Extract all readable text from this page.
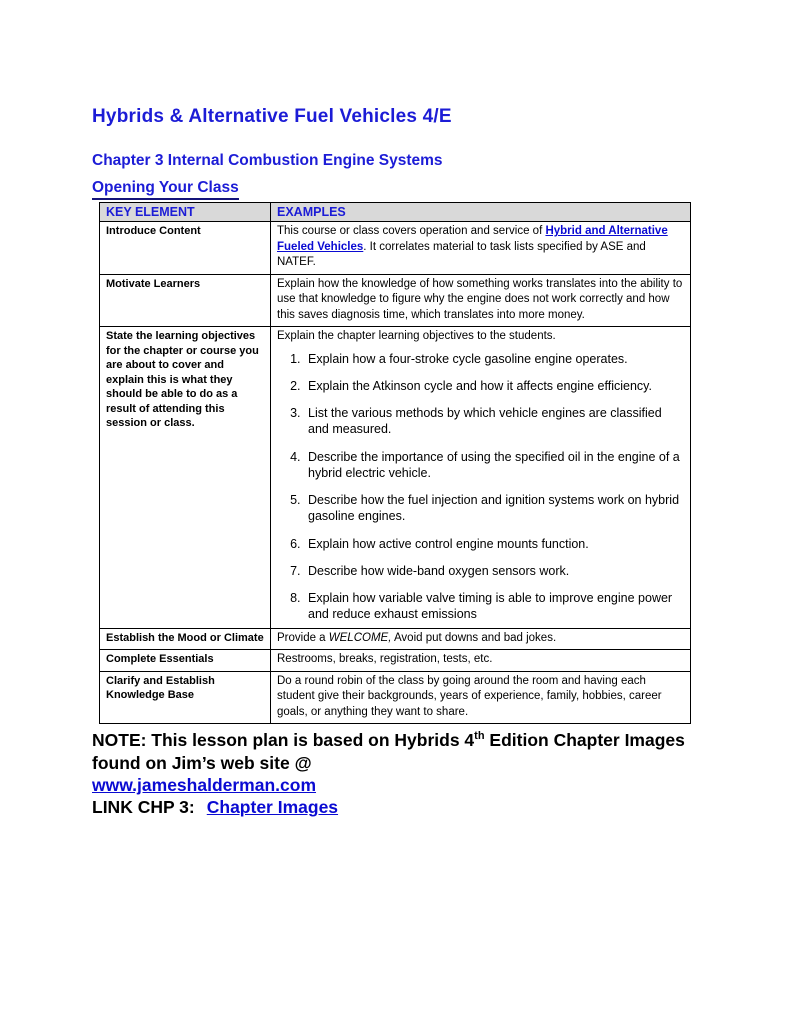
Hybrids & Alternative Fuel Vehicles 4/E
Chapter 3 Internal Combustion Engine Systems
Opening Your Class
KEY ELEMENT	EXAMPLES
Introduce Content	This course or class covers operation and service of Hybrid and Alternative Fueled Vehicles. It correlates material to task lists specified by ASE and NATEF.
Motivate Learners	Explain how the knowledge of how something works translates into the ability to use that knowledge to figure why the engine does not work correctly and how this saves diagnosis time, which translates into more money.
State the learning objectives for the chapter or course you are about to cover and explain this is what they should be able to do as a result of attending this session or class.	Explain the chapter learning objectives to the students.
1. Explain how a four-stroke cycle gasoline engine operates.
2. Explain the Atkinson cycle and how it affects engine efficiency.
3. List the various methods by which vehicle engines are classified and measured.
4. Describe the importance of using the specified oil in the engine of a hybrid electric vehicle.
5. Describe how the fuel injection and ignition systems work on hybrid gasoline engines.
6. Explain how active control engine mounts function.
7. Describe how wide-band oxygen sensors work.
8. Explain how variable valve timing is able to improve engine power and reduce exhaust emissions

Establish the Mood or Climate	Provide a WELCOME, Avoid put downs and bad jokes.
Complete Essentials	Restrooms, breaks, registration, tests, etc.
Clarify and Establish Knowledge Base	Do a round robin of the class by going around the room and having each student give their backgrounds, years of experience, family, hobbies, career goals, or anything they want to share.

NOTE: This lesson plan is based on Hybrids 4th Edition Chapter Images found on Jim’s web site @

www.jameshalderman.com

LINK CHP 3: Chapter Images
